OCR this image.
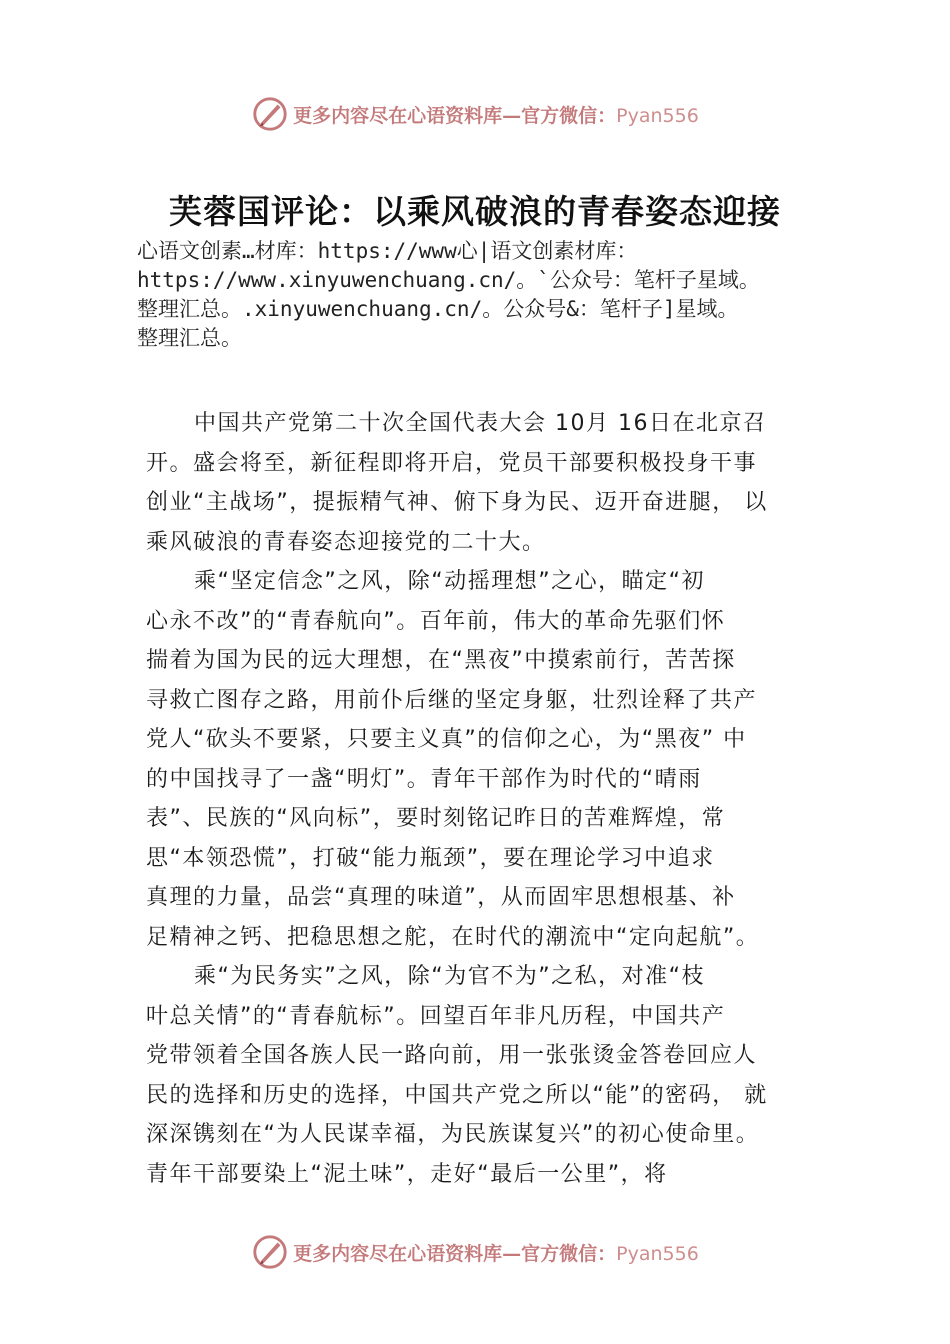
更多内容尽在心语资料库—官方微信：Pyan556
芙蓉国评论：以乘风破浪的青春姿态迎接
心语文创素…材库：https://www心|语文创素材库：
https://www.xinyuwenchuang.cn/。`公众号：笔杆子星域。
整理汇总。.xinyuwenchuang.cn/。公众号&：笔杆子]星域。
整理汇总。
中国共产党第二十次全国代表大会 10月 16日在北京召
开。盛会将至，新征程即将开启，党员干部要积极投身干事
创业“主战场”，提振精气神、俯下身为民、迈开奋进腿， 以
乘风破浪的青春姿态迎接党的二十大。
乘“坚定信念”之风，除“动摇理想”之心，瞄定“初
心永不改”的“青春航向”。百年前，伟大的革命先驱们怀
揣着为国为民的远大理想，在“黑夜”中摸索前行，苦苦探
寻救亡图存之路，用前仆后继的坚定身躯，壮烈诠释了共产
党人“砍头不要紧，只要主义真”的信仰之心，为“黑夜” 中
的中国找寻了一盏“明灯”。青年干部作为时代的“晴雨
表”、民族的“风向标”，要时刻铭记昨日的苦难辉煌，常
思“本领恐慌”，打破“能力瓶颈”，要在理论学习中追求
真理的力量，品尝“真理的味道”，从而固牢思想根基、补
足精神之钙、把稳思想之舵，在时代的潮流中“定向起航”。
乘“为民务实”之风，除“为官不为”之私，对准“枝
叶总关情”的“青春航标”。回望百年非凡历程，中国共产
党带领着全国各族人民一路向前，用一张张烫金答卷回应人
民的选择和历史的选择，中国共产党之所以“能”的密码， 就
深深镌刻在“为人民谋幸福，为民族谋复兴”的初心使命里。
青年干部要染上“泥土味”，走好“最后一公里”，将
更多内容尽在心语资料库—官方微信：Pyan556
